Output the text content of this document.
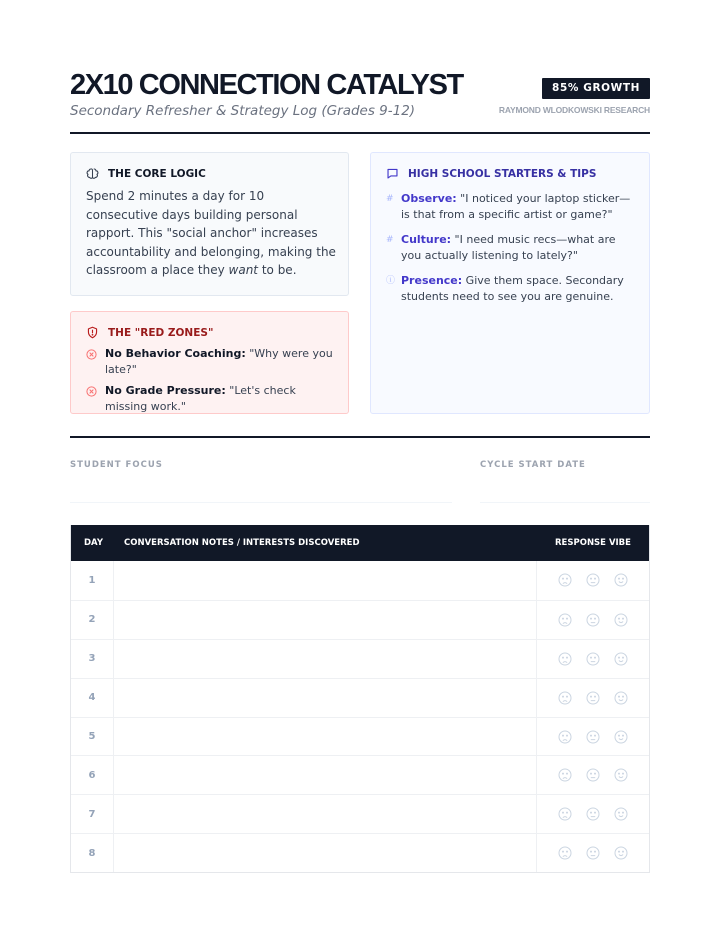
2X10 CONNECTION CATALYST
Secondary Refresher & Strategy Log (Grades 9-12)
85% GROWTH
RAYMOND WLODKOWSKI RESEARCH
THE CORE LOGIC

Spend 2 minutes a day for 10 consecutive days building personal rapport. This "social anchor" increases accountability and belonging, making the classroom a place they want to be.

THE "RED ZONES"
No Behavior Coaching: "Why were you late?"
No Grade Pressure: "Let's check missing work."
HIGH SCHOOL STARTERS & TIPS
# Observe: "I noticed your laptop sticker—is that from a specific artist or game?"
# Culture: "I need music recs—what are you actually listening to lately?"
ⓘ Presence: Give them space. Secondary students need to see you are genuine.
STUDENT FOCUS	CYCLE START DATE
DAY	CONVERSATION NOTES / INTERESTS DISCOVERED	RESPONSE VIBE
1
2
3
4
5
6
7
8
